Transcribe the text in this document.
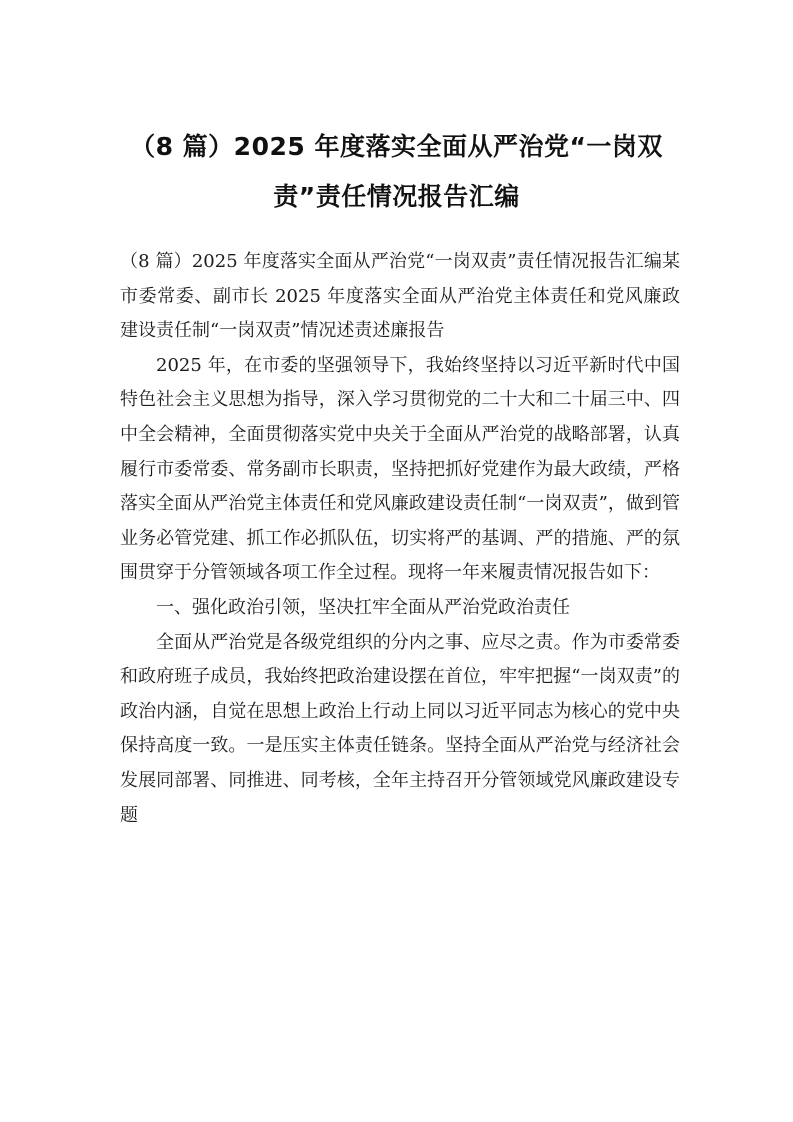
（8 篇）2025 年度落实全面从严治党“一岗双责”责任情况报告汇编

（8 篇）2025 年度落实全面从严治党“一岗双责”责任情况报告汇编某市委常委、副市长 2025 年度落实全面从严治党主体责任和党风廉政建设责任制“一岗双责”情况述责述廉报告

2025 年，在市委的坚强领导下，我始终坚持以习近平新时代中国特色社会主义思想为指导，深入学习贯彻党的二十大和二十届三中、四中全会精神，全面贯彻落实党中央关于全面从严治党的战略部署，认真履行市委常委、常务副市长职责，坚持把抓好党建作为最大政绩，严格落实全面从严治党主体责任和党风廉政建设责任制“一岗双责”，做到管业务必管党建、抓工作必抓队伍，切实将严的基调、严的措施、严的氛围贯穿于分管领域各项工作全过程。现将一年来履责情况报告如下：

一、强化政治引领，坚决扛牢全面从严治党政治责任

全面从严治党是各级党组织的分内之事、应尽之责。作为市委常委和政府班子成员，我始终把政治建设摆在首位，牢牢把握“一岗双责”的政治内涵，自觉在思想上政治上行动上同以习近平同志为核心的党中央保持高度一致。一是压实主体责任链条。坚持全面从严治党与经济社会发展同部署、同推进、同考核，全年主持召开分管领域党风廉政建设专题
